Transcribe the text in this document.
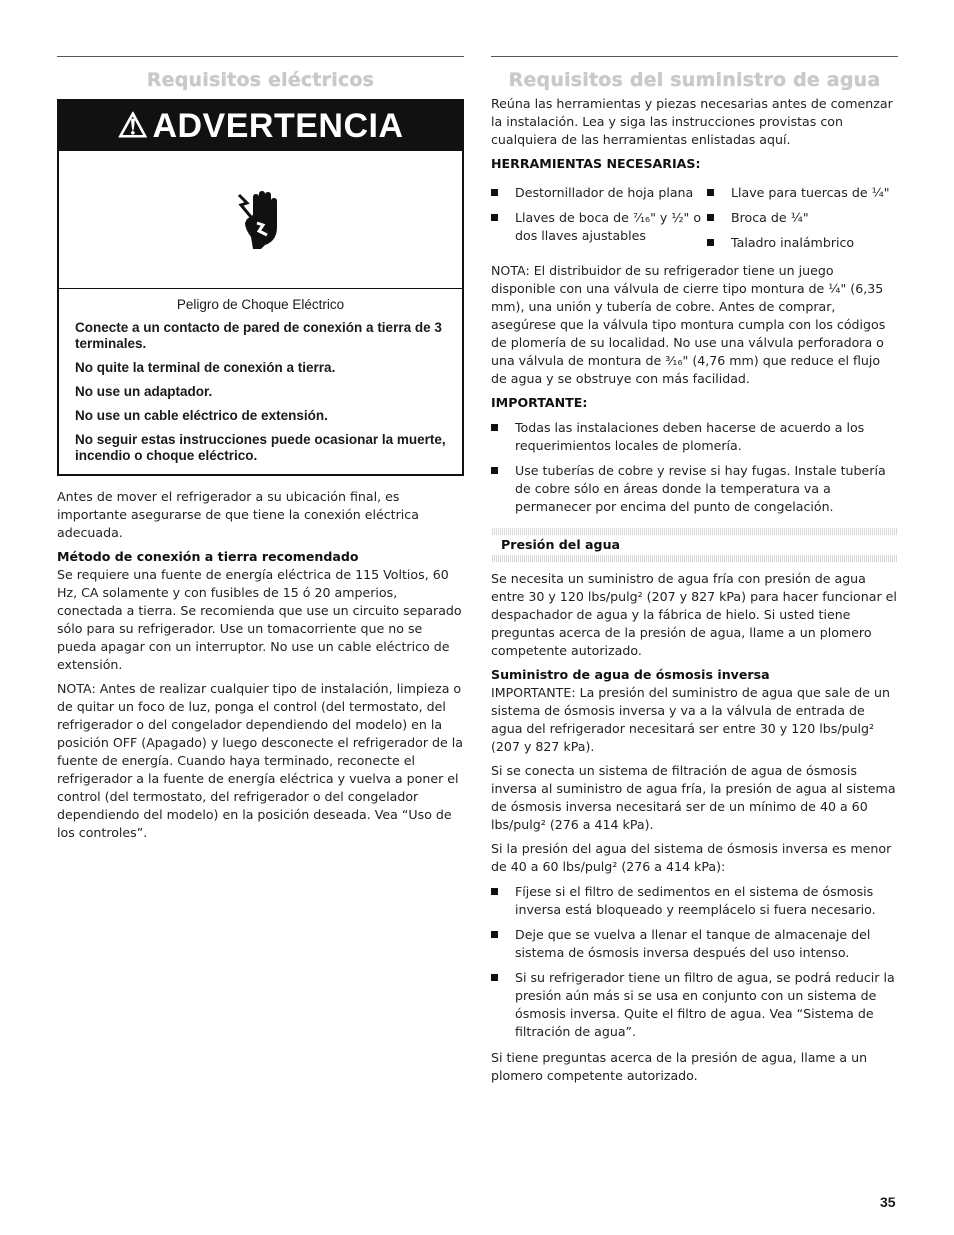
Requisitos eléctricos
⚠ ADVERTENCIA
Peligro de Choque Eléctrico
Conecte a un contacto de pared de conexión a tierra de 3 terminales.
No quite la terminal de conexión a tierra.
No use un adaptador.
No use un cable eléctrico de extensión.
No seguir estas instrucciones puede ocasionar la muerte, incendio o choque eléctrico.

Antes de mover el refrigerador a su ubicación final, es importante asegurarse de que tiene la conexión eléctrica adecuada.

Método de conexión a tierra recomendado

Se requiere una fuente de energía eléctrica de 115 Voltios, 60 Hz, CA solamente y con fusibles de 15 ó 20 amperios, conectada a tierra. Se recomienda que use un circuito separado sólo para su refrigerador. Use un tomacorriente que no se pueda apagar con un interruptor. No use un cable eléctrico de extensión.

NOTA: Antes de realizar cualquier tipo de instalación, limpieza o de quitar un foco de luz, ponga el control (del termostato, del refrigerador o del congelador dependiendo del modelo) en la posición OFF (Apagado) y luego desconecte el refrigerador de la fuente de energía. Cuando haya terminado, reconecte el refrigerador a la fuente de energía eléctrica y vuelva a poner el control (del termostato, del refrigerador o del congelador dependiendo del modelo) en la posición deseada. Vea “Uso de los controles”.

Requisitos del suministro de agua

Reúna las herramientas y piezas necesarias antes de comenzar la instalación. Lea y siga las instrucciones provistas con cualquiera de las herramientas enlistadas aquí.

HERRAMIENTAS NECESARIAS:
Destornillador de hoja plana
Llaves de boca de ⁷⁄₁₆" y ½" o dos llaves ajustables
Llave para tuercas de ¼"
Broca de ¼"
Taladro inalámbrico

NOTA: El distribuidor de su refrigerador tiene un juego disponible con una válvula de cierre tipo montura de ¼" (6,35 mm), una unión y tubería de cobre. Antes de comprar, asegúrese que la válvula tipo montura cumpla con los códigos de plomería de su localidad. No use una válvula perforadora o una válvula de montura de ³⁄₁₆" (4,76 mm) que reduce el flujo de agua y se obstruye con más facilidad.

IMPORTANTE:
Todas las instalaciones deben hacerse de acuerdo a los requerimientos locales de plomería.
Use tuberías de cobre y revise si hay fugas. Instale tubería de cobre sólo en áreas donde la temperatura va a permanecer por encima del punto de congelación.
Presión del agua

Se necesita un suministro de agua fría con presión de agua entre 30 y 120 lbs/pulg² (207 y 827 kPa) para hacer funcionar el despachador de agua y la fábrica de hielo. Si usted tiene preguntas acerca de la presión de agua, llame a un plomero competente autorizado.

Suministro de agua de ósmosis inversa

IMPORTANTE: La presión del suministro de agua que sale de un sistema de ósmosis inversa y va a la válvula de entrada de agua del refrigerador necesitará ser entre 30 y 120 lbs/pulg² (207 y 827 kPa).

Si se conecta un sistema de filtración de agua de ósmosis inversa al suministro de agua fría, la presión de agua al sistema de ósmosis inversa necesitará ser de un mínimo de 40 a 60 lbs/pulg² (276 a 414 kPa).

Si la presión del agua del sistema de ósmosis inversa es menor de 40 a 60 lbs/pulg² (276 a 414 kPa):

Fíjese si el filtro de sedimentos en el sistema de ósmosis inversa está bloqueado y reemplácelo si fuera necesario.
Deje que se vuelva a llenar el tanque de almacenaje del sistema de ósmosis inversa después del uso intenso.
Si su refrigerador tiene un filtro de agua, se podrá reducir la presión aún más si se usa en conjunto con un sistema de ósmosis inversa. Quite el filtro de agua. Vea “Sistema de filtración de agua”.

Si tiene preguntas acerca de la presión de agua, llame a un plomero competente autorizado.

35
